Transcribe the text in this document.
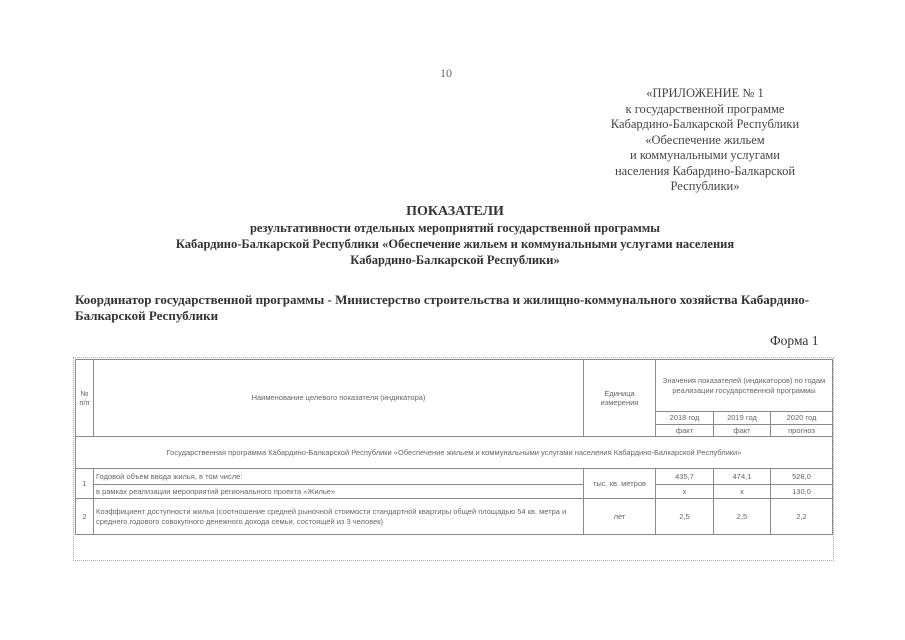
10
«ПРИЛОЖЕНИЕ № 1
к государственной программе
Кабардино-Балкарской Республики
«Обеспечение жильем
и коммунальными услугами
населения Кабардино-Балкарской
Республики»
ПОКАЗАТЕЛИ
результативности отдельных мероприятий государственной программы
Кабардино-Балкарской Республики «Обеспечение жильем и коммунальными услугами населения
Кабардино-Балкарской Республики»
Координатор государственной программы - Министерство строительства и жилищно-коммунального хозяйства Кабардино-Балкарской Республики
Форма 1
№ п/п	Наименование целевого показателя (индикатора)	Единица измерения	Значения показателей (индикаторов) по годам реализации государственной программы		
			2018 год	2019 год	2020 год
			факт	факт	прогноз
Государственная программа Кабардино-Балкарской Республики «Обеспечение жильем и коммунальными услугами населения Кабардино-Балкарской Республики»					
1	Годовой объем ввода жилья, в том числе:	тыс. кв. метров	435,7	474,1	528,0
	в рамках реализации мероприятий регионального проекта «Жилье»		x	x	130,0
2	Коэффициент доступности жилья (соотношение средней рыночной стоимости стандартной квартиры общей площадью 54 кв. метра и среднего годового совокупного денежного дохода семьи, состоящей из 3 человек)	лет	2,5	2,5	2,2
